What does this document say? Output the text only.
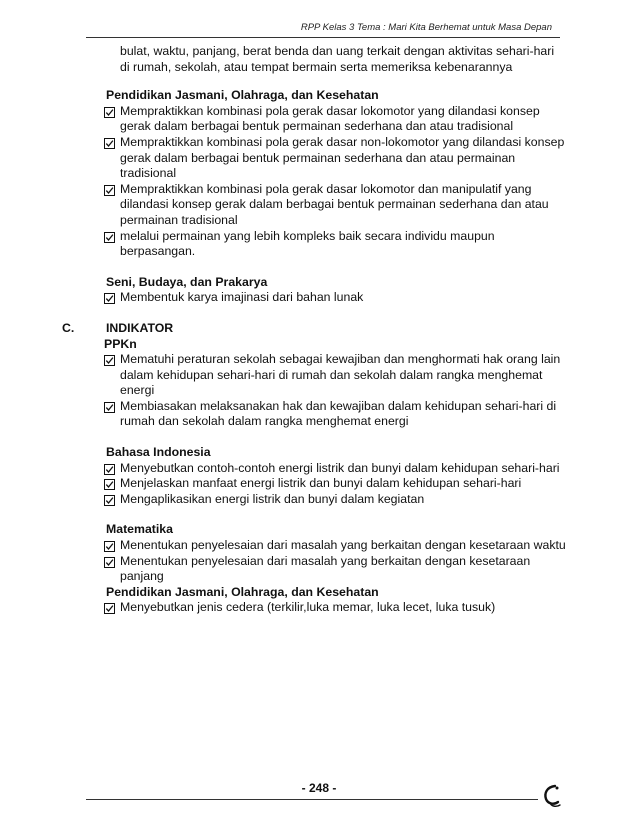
RPP Kelas 3 Tema : Mari Kita Berhemat untuk Masa Depan

bulat, waktu, panjang, berat benda dan uang terkait dengan aktivitas sehari-hari di rumah, sekolah, atau tempat bermain serta memeriksa kebenarannya

Pendidikan Jasmani, Olahraga, dan Kesehatan
Mempraktikkan kombinasi pola gerak dasar lokomotor yang dilandasi konsep gerak dalam berbagai bentuk permainan sederhana dan atau tradisional
Mempraktikkan kombinasi pola gerak dasar non-lokomotor yang dilandasi konsep gerak dalam berbagai bentuk permainan sederhana dan atau permainan tradisional
Mempraktikkan kombinasi pola gerak dasar lokomotor dan manipulatif yang dilandasi konsep gerak dalam berbagai bentuk permainan sederhana dan atau permainan tradisional
melalui permainan yang lebih kompleks baik secara individu maupun berpasangan.
Seni, Budaya, dan Prakarya
Membentuk karya imajinasi dari bahan lunak
C.	INDIKATOR
PPKn
Mematuhi peraturan sekolah sebagai kewajiban dan menghormati hak orang lain dalam kehidupan sehari-hari di rumah dan sekolah dalam rangka menghemat energi
Membiasakan melaksanakan hak dan kewajiban dalam kehidupan sehari-hari di rumah dan sekolah dalam rangka menghemat energi
Bahasa Indonesia
Menyebutkan contoh-contoh energi listrik dan bunyi dalam kehidupan sehari-hari
Menjelaskan manfaat energi listrik dan bunyi dalam kehidupan sehari-hari
Mengaplikasikan energi listrik dan bunyi dalam kegiatan
Matematika
Menentukan penyelesaian dari masalah yang berkaitan dengan kesetaraan waktu
Menentukan penyelesaian dari masalah yang berkaitan dengan kesetaraan panjang
Pendidikan Jasmani, Olahraga, dan Kesehatan
Menyebutkan jenis cedera (terkilir,luka memar, luka lecet, luka tusuk)
- 248 -
